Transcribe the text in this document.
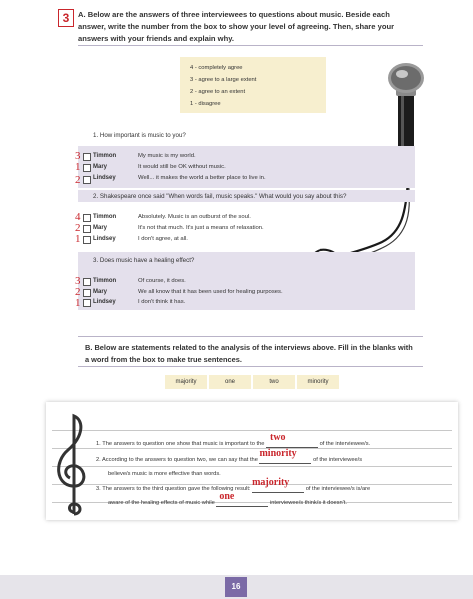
3	A. Below are the answers of three interviewees to questions about music. Beside each answer, write the number from the box to show your level of agreeing. Then, share your answers with your friends and explain why.
4 - completely agree
3 - agree to a large extent
2 - agree to an extent
1 - disagree
1. How important is music to you?
3 Timmon	My music is my world.
1 Mary	It would still be OK without music.
2 Lindsey	Well... it makes the world a better place to live in.
2. Shakespeare once said "When words fail, music speaks." What would you say about this?
4 Timmon	Absolutely. Music is an outburst of the soul.
2 Mary	It's not that much. It's just a means of relaxation.
1 Lindsey	I don't agree, at all.
3. Does music have a healing effect?
3 Timmon	Of course, it does.
2 Mary	We all know that it has been used for healing purposes.
1 Lindsey	I don't think it has.
B. Below are statements related to the analysis of the interviews above. Fill in the blanks with a word from the box to make true sentences.
majority	one	two	minority
1. The answers to question one show that music is important to the
two
of the interviewee/s.
2. According to the answers to question two, we can say that the
minority
of the interviewee/s
believe/s music is more effective than words.
3. The answers to the third question gave the following result:
majority
of the interviewee/s is/are
aware of the healing effects of music while
one
interviewee/s think/s it doesn't.
16
